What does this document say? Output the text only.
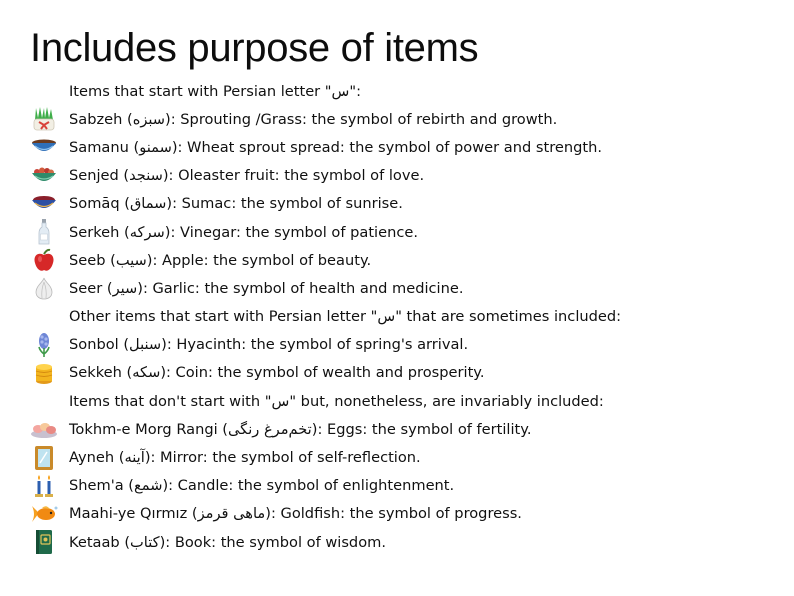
Includes purpose of items
Items that start with Persian letter "س":
Sabzeh (سبزه): Sprouting /Grass: the symbol of rebirth and growth.
Samanu (سمنو): Wheat sprout spread: the symbol of power and strength.
Senjed (سنجد): Oleaster fruit: the symbol of love.
Somāq (سماق): Sumac: the symbol of sunrise.
Serkeh (سرکه): Vinegar: the symbol of patience.
Seeb (سیب): Apple: the symbol of beauty.
Seer (سیر): Garlic: the symbol of health and medicine.
Other items that start with Persian letter "س" that are sometimes included:
Sonbol (سنبل): Hyacinth: the symbol of spring's arrival.
Sekkeh (سکه): Coin: the symbol of wealth and prosperity.
Items that don't start with "س" but, nonetheless, are invariably included:
Tokhm-e Morg Rangi (تخم‌مرغ رنگی): Eggs: the symbol of fertility.
Ayneh (آینه): Mirror: the symbol of self-reflection.
Shem'a (شمع): Candle: the symbol of enlightenment.
Maahi-ye Qırmız (ماهی قرمز): Goldfish: the symbol of progress.
Ketaab (کتاب): Book: the symbol of wisdom.
